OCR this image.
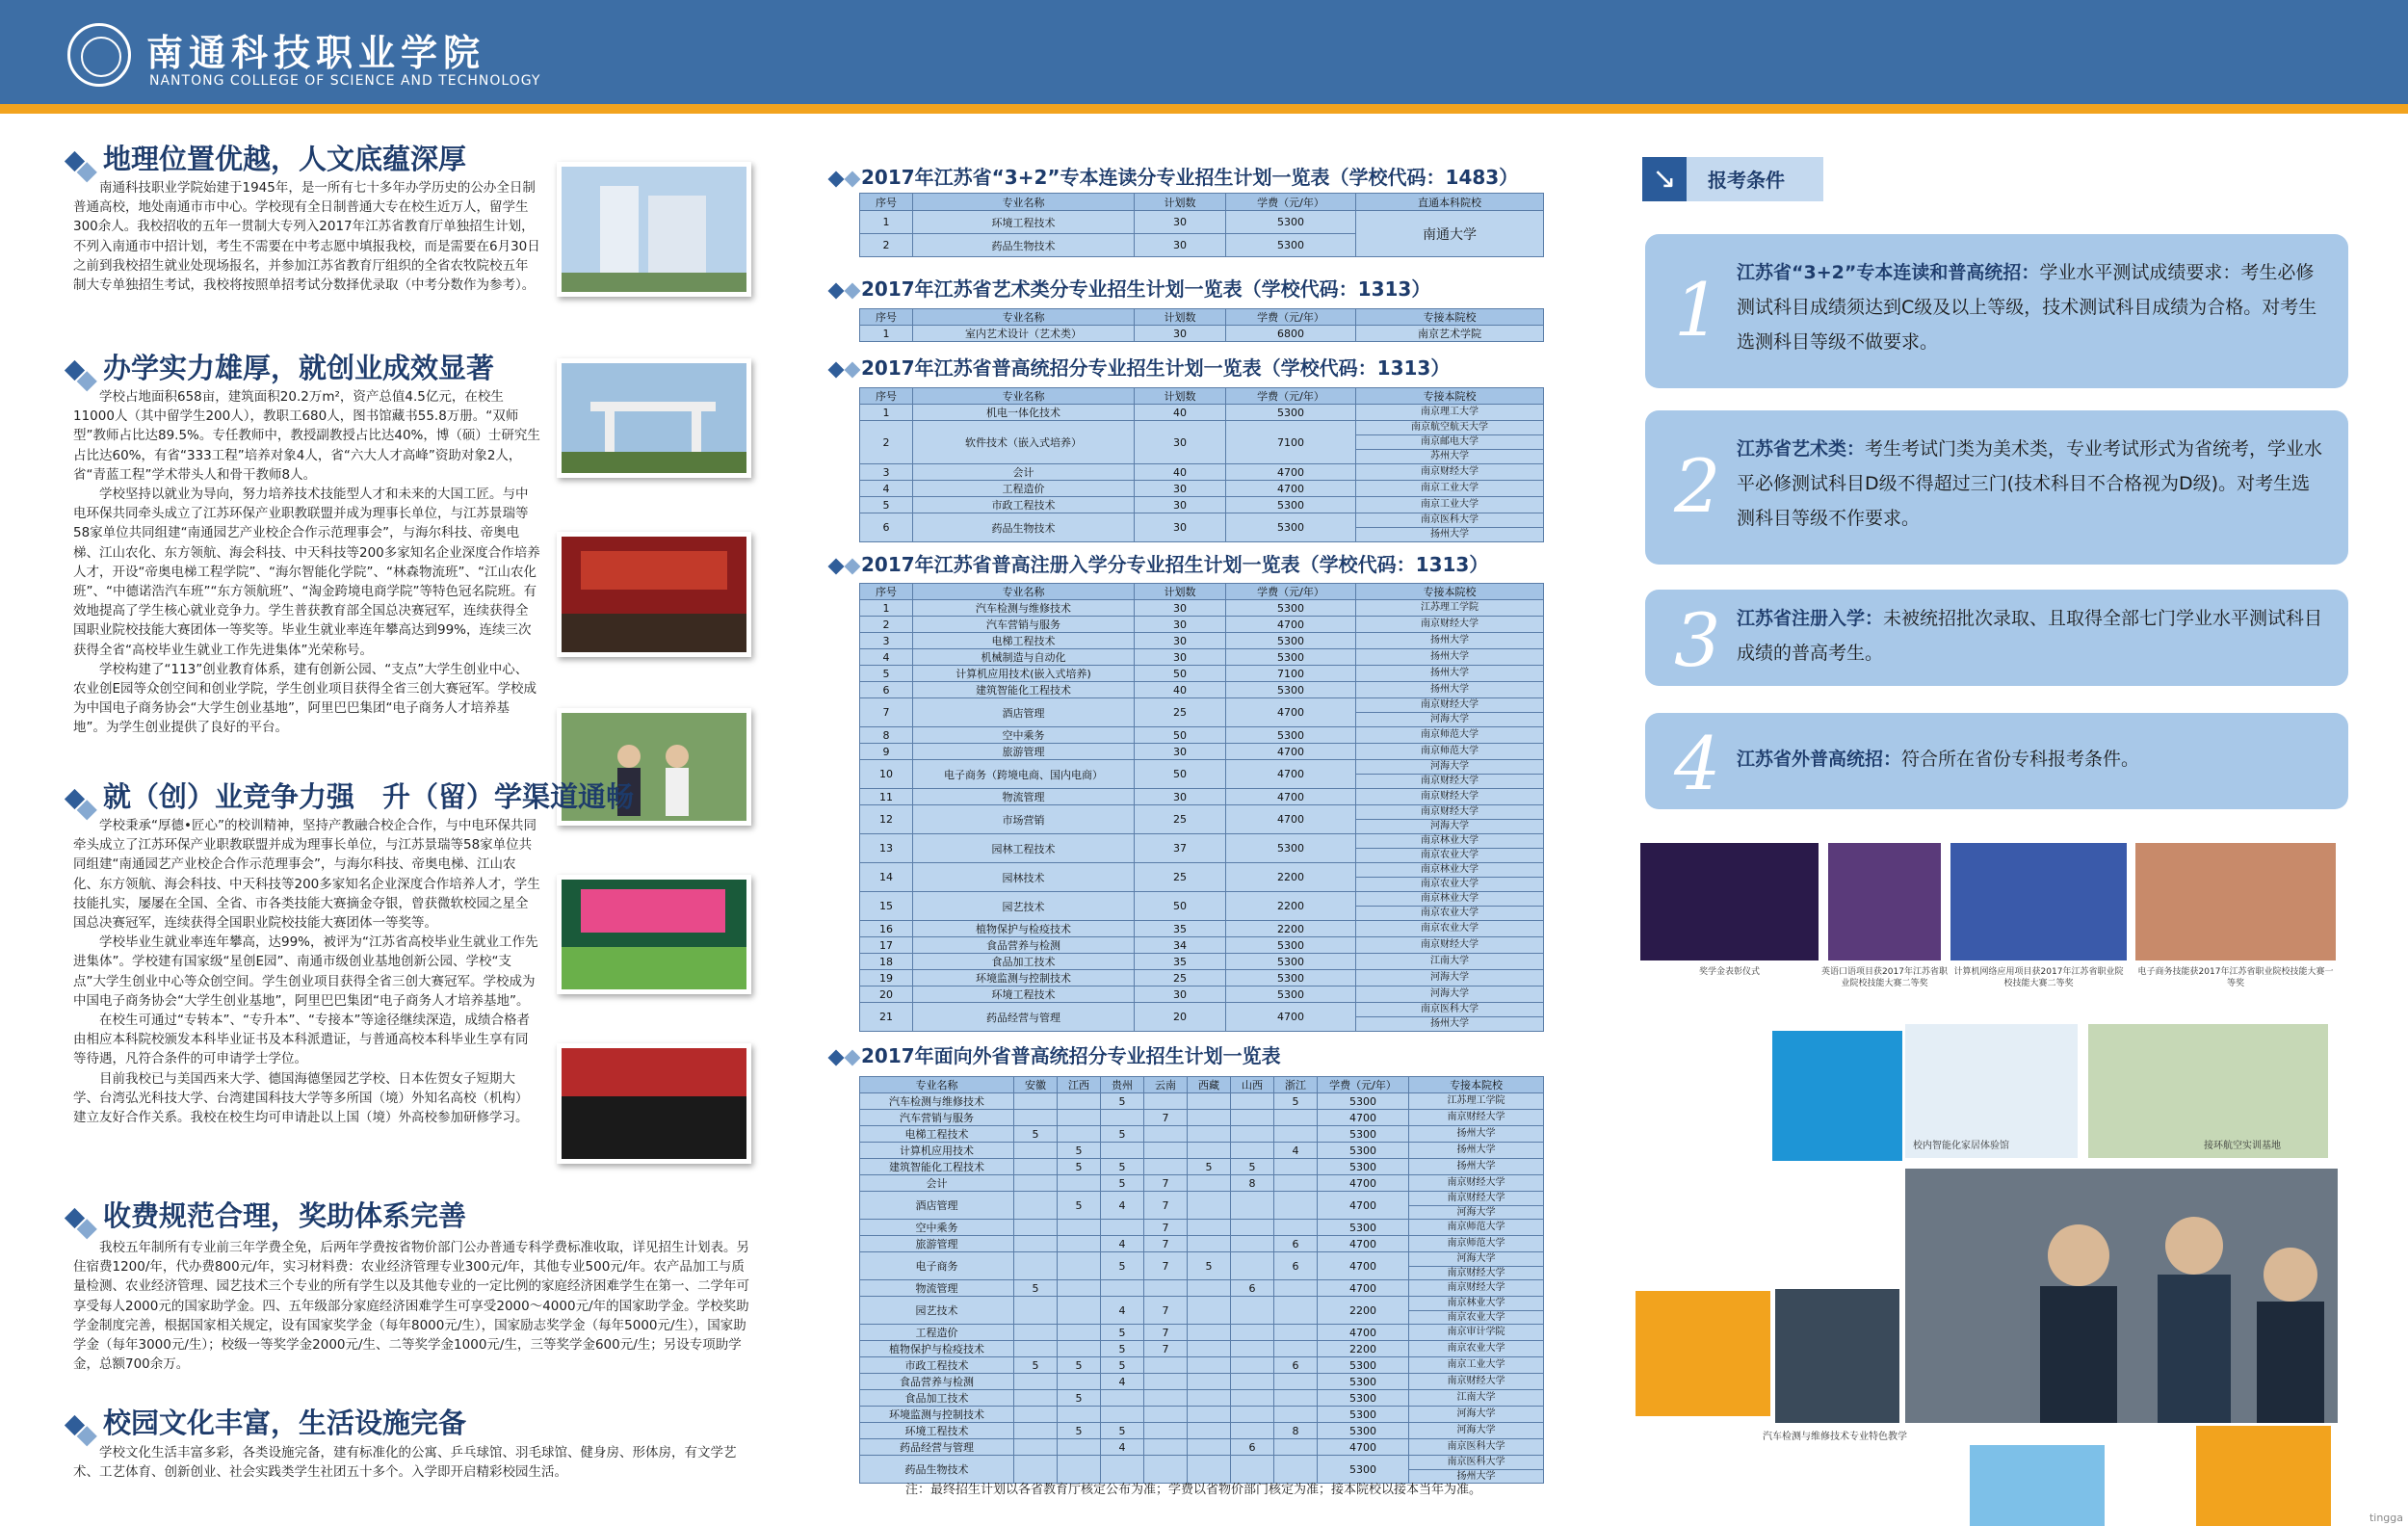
南通科技职业学院
NANTONG COLLEGE OF SCIENCE AND TECHNOLOGY
地理位置优越，人文底蕴深厚

南通科技职业学院始建于1945年，是一所有七十多年办学历史的公办全日制普通高校，地处南通市市中心。学校现有全日制普通大专在校生近万人，留学生300余人。我校招收的五年一贯制大专列入2017年江苏省教育厅单独招生计划，不列入南通市中招计划，考生不需要在中考志愿中填报我校，而是需要在6月30日之前到我校招生就业处现场报名，并参加江苏省教育厅组织的全省农牧院校五年制大专单独招生考试，我校将按照单招考试分数择优录取（中考分数作为参考）。

办学实力雄厚，就创业成效显著

学校占地面积658亩，建筑面积20.2万m²，资产总值4.5亿元，在校生11000人（其中留学生200人），教职工680人，图书馆藏书55.8万册。“双师型”教师占比达89.5%。专任教师中，教授副教授占比达40%，博（硕）士研究生占比达60%，有省“333工程”培养对象4人，省“六大人才高峰”资助对象2人，省“青蓝工程”学术带头人和骨干教师8人。

学校坚持以就业为导向，努力培养技术技能型人才和未来的大国工匠。与中电环保共同牵头成立了江苏环保产业职教联盟并成为理事长单位，与江苏景瑞等58家单位共同组建“南通园艺产业校企合作示范理事会”，与海尔科技、帝奥电梯、江山农化、东方领航、海会科技、中天科技等200多家知名企业深度合作培养人才，开设“帝奥电梯工程学院”、“海尔智能化学院”、“林森物流班”、“江山农化班”、“中德诺浩汽车班”“东方领航班”、“淘金跨境电商学院”等特色冠名院班。有效地提高了学生核心就业竞争力。学生普获教育部全国总决赛冠军，连续获得全国职业院校技能大赛团体一等奖等。毕业生就业率连年攀高达到99%，连续三次获得全省“高校毕业生就业工作先进集体”光荣称号。

学校构建了“113”创业教育体系，建有创新公园、“支点”大学生创业中心、农业创E园等众创空间和创业学院，学生创业项目获得全省三创大赛冠军。学校成为中国电子商务协会“大学生创业基地”，阿里巴巴集团“电子商务人才培养基地”。为学生创业提供了良好的平台。

就（创）业竞争力强　升（留）学渠道通畅

学校秉承“厚德•匠心”的校训精神，坚持产教融合校企合作，与中电环保共同牵头成立了江苏环保产业职教联盟并成为理事长单位，与江苏景瑞等58家单位共同组建“南通园艺产业校企合作示范理事会”，与海尔科技、帝奥电梯、江山农化、东方领航、海会科技、中天科技等200多家知名企业深度合作培养人才，学生技能扎实，屡屡在全国、全省、市各类技能大赛摘金夺银，曾获微软校园之星全国总决赛冠军，连续获得全国职业院校技能大赛团体一等奖等。

学校毕业生就业率连年攀高，达99%，被评为“江苏省高校毕业生就业工作先进集体”。学校建有国家级“星创E园”、南通市级创业基地创新公园、学校“支点”大学生创业中心等众创空间。学生创业项目获得全省三创大赛冠军。学校成为中国电子商务协会“大学生创业基地”，阿里巴巴集团“电子商务人才培养基地”。

在校生可通过“专转本”、“专升本”、“专接本”等途径继续深造，成绩合格者由相应本科院校颁发本科毕业证书及本科派遣证，与普通高校本科毕业生享有同等待遇，凡符合条件的可申请学士学位。

目前我校已与美国西来大学、德国海德堡园艺学校、日本佐贺女子短期大学、台湾弘光科技大学、台湾建国科技大学等多所国（境）外知名高校（机构）建立友好合作关系。我校在校生均可申请赴以上国（境）外高校参加研修学习。

收费规范合理，奖助体系完善

我校五年制所有专业前三年学费全免，后两年学费按省物价部门公办普通专科学费标准收取，详见招生计划表。另住宿费1200/年，代办费800元/年，实习材料费：农业经济管理专业300元/年，其他专业500元/年。农产品加工与质量检测、农业经济管理、园艺技术三个专业的所有学生以及其他专业的一定比例的家庭经济困难学生在第一、二学年可享受每人2000元的国家助学金。四、五年级部分家庭经济困难学生可享受2000～4000元/年的国家助学金。学校奖助学金制度完善，根据国家相关规定，设有国家奖学金（每年8000元/生），国家励志奖学金（每年5000元/生），国家助学金（每年3000元/生）；校级一等奖学金2000元/生、二等奖学金1000元/生，三等奖学金600元/生；另设专项助学金，总额700余万。

校园文化丰富，生活设施完备

学校文化生活丰富多彩，各类设施完备，建有标准化的公寓、乒乓球馆、羽毛球馆、健身房、形体房，有文学艺术、工艺体育、创新创业、社会实践类学生社团五十多个。入学即开启精彩校园生活。

2017年江苏省“3+2”专本连读分专业招生计划一览表（学校代码：1483）
序号	专业名称	计划数	学费（元/年）	直通本科院校
1	环境工程技术	30	5300	南通大学
2	药品生物技术	30	5300	
2017年江苏省艺术类分专业招生计划一览表（学校代码：1313）
序号	专业名称	计划数	学费（元/年）	专接本院校
1	室内艺术设计（艺术类）	30	6800	南京艺术学院
2017年江苏省普高统招分专业招生计划一览表（学校代码：1313）
序号	专业名称	计划数	学费（元/年）	专接本院校
1	机电一体化技术	40	5300	南京理工大学

2	软件技术（嵌入式培养）	30	7100	南京航空航天大学
南京邮电大学
苏州大学

3	会计	40	4700	南京财经大学

4	工程造价	30	4700	南京工业大学

5	市政工程技术	30	5300	南京工业大学

6	药品生物技术	30	5300	南京医科大学
扬州大学
2017年江苏省普高注册入学分专业招生计划一览表（学校代码：1313）
序号	专业名称	计划数	学费（元/年）	专接本院校
1	汽车检测与维修技术	30	5300	江苏理工学院

2	汽车营销与服务	30	4700	南京财经大学

3	电梯工程技术	30	5300	扬州大学

4	机械制造与自动化	30	5300	扬州大学

5	计算机应用技术(嵌入式培养)	50	7100	扬州大学

6	建筑智能化工程技术	40	5300	扬州大学

7	酒店管理	25	4700	南京财经大学
河海大学

8	空中乘务	50	5300	南京师范大学

9	旅游管理	30	4700	南京师范大学

10	电子商务（跨境电商、国内电商）	50	4700	河海大学
南京财经大学

11	物流管理	30	4700	南京财经大学

12	市场营销	25	4700	南京财经大学
河海大学

13	园林工程技术	37	5300	南京林业大学
南京农业大学

14	园林技术	25	2200	南京林业大学
南京农业大学

15	园艺技术	50	2200	南京林业大学
南京农业大学

16	植物保护与检疫技术	35	2200	南京农业大学

17	食品营养与检测	34	5300	南京财经大学

18	食品加工技术	35	5300	江南大学

19	环境监测与控制技术	25	5300	河海大学

20	环境工程技术	30	5300	河海大学

21	药品经营与管理	20	4700	南京医科大学
扬州大学
2017年面向外省普高统招分专业招生计划一览表
专业名称	安徽	江西	贵州	云南	西藏	山西	浙江	学费（元/年）	专接本院校
汽车检测与维修技术			5				5	5300	江苏理工学院

汽车营销与服务				7				4700	南京财经大学

电梯工程技术	5		5					5300	扬州大学

计算机应用技术		5					4	5300	扬州大学

建筑智能化工程技术		5	5		5	5		5300	扬州大学

会计			5	7		8		4700	南京财经大学

酒店管理		5	4	7				4700	南京财经大学
河海大学

空中乘务				7				5300	南京师范大学

旅游管理			4	7			6	4700	南京师范大学

电子商务			5	7	5		6	4700	河海大学
南京财经大学

物流管理	5					6		4700	南京财经大学

园艺技术			4	7				2200	南京林业大学
南京农业大学

工程造价			5	7				4700	南京审计学院

植物保护与检疫技术			5	7				2200	南京农业大学

市政工程技术	5	5	5				6	5300	南京工业大学

食品营养与检测			4					5300	南京财经大学

食品加工技术		5						5300	江南大学

环境监测与控制技术								5300	河海大学

环境工程技术		5	5				8	5300	河海大学

药品经营与管理			4			6		4700	南京医科大学

药品生物技术								5300	南京医科大学
扬州大学
注：最终招生计划以各省教育厅核定公布为准；学费以省物价部门核定为准；接本院校以接本当年为准。
↘	报考条件
1 江苏省“3+2”专本连读和普高统招：学业水平测试成绩要求：考生必修测试科目成绩须达到C级及以上等级，技术测试科目成绩为合格。对考生选测科目等级不做要求。
2 江苏省艺术类：考生考试门类为美术类，专业考试形式为省统考，学业水平必修测试科目D级不得超过三门(技术科目不合格视为D级)。对考生选测科目等级不作要求。
3 江苏省注册入学：未被统招批次录取、且取得全部七门学业水平测试科目成绩的普高考生。
4 江苏省外普高统招：符合所在省份专科报考条件。
奖学金表彰仪式	英语口语项目获2017年江苏省职业院校技能大赛二等奖
计算机网络应用项目获2017年江苏省职业院校技能大赛二等奖
电子商务技能获2017年江苏省职业院校技能大赛一等奖
校内智能化家居体验馆	接环航空实训基地
汽车检测与维修技术专业特色教学
tingga
